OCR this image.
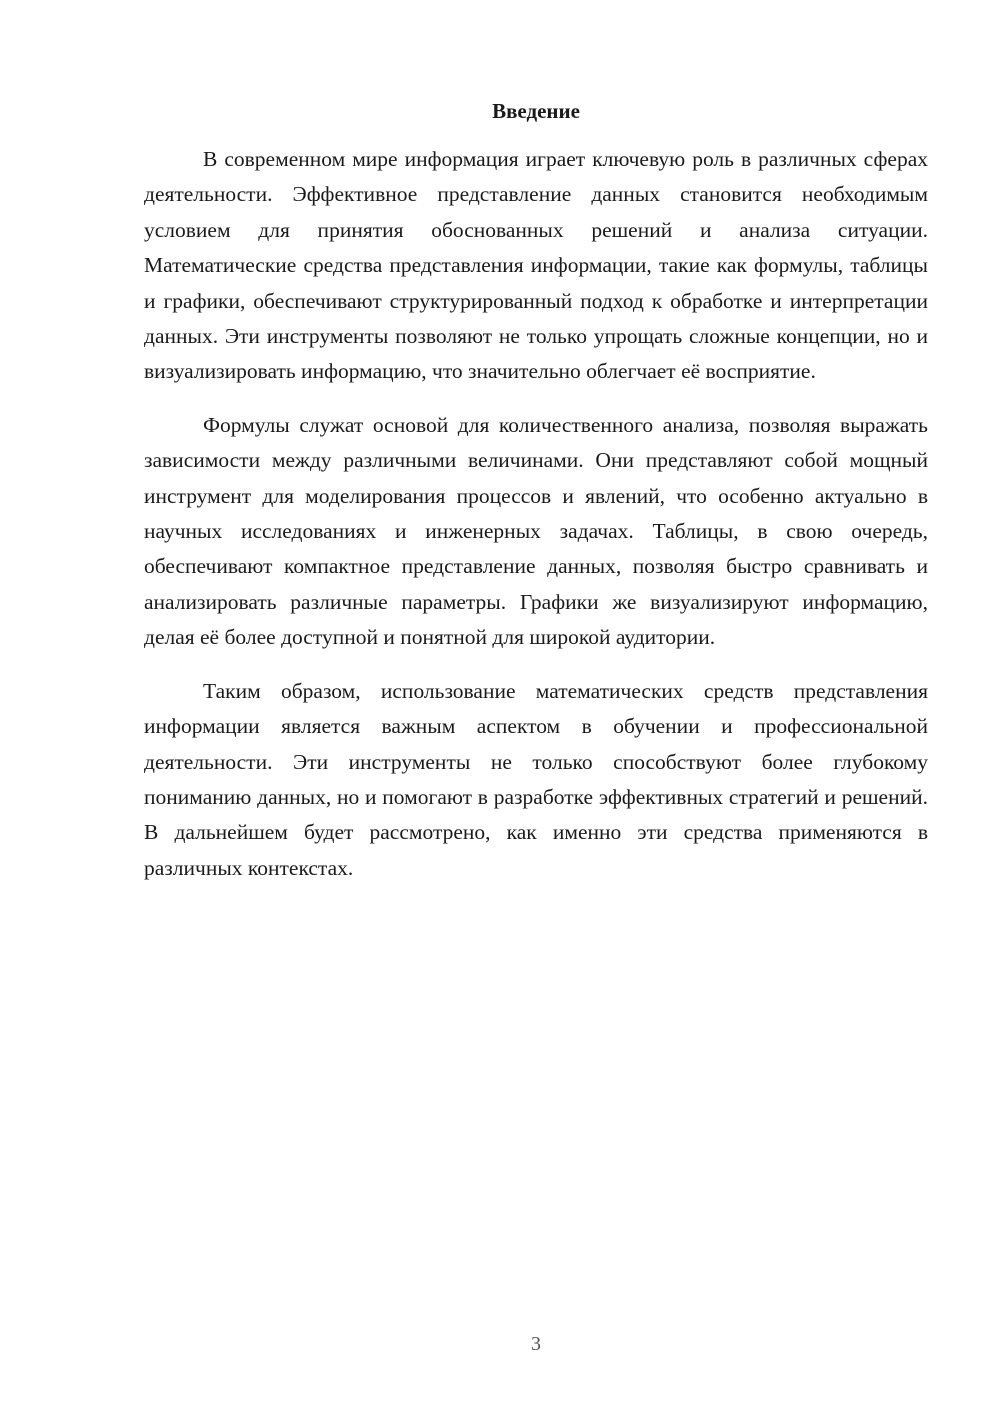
Введение

В современном мире информация играет ключевую роль в различных сферах деятельности. Эффективное представление данных становится необходимым условием для принятия обоснованных решений и анализа ситуации. Математические средства представления информации, такие как формулы, таблицы и графики, обеспечивают структурированный подход к обработке и интерпретации данных. Эти инструменты позволяют не только упрощать сложные концепции, но и визуализировать информацию, что значительно облегчает её восприятие.

Формулы служат основой для количественного анализа, позволяя выражать зависимости между различными величинами. Они представляют собой мощный инструмент для моделирования процессов и явлений, что особенно актуально в научных исследованиях и инженерных задачах. Таблицы, в свою очередь, обеспечивают компактное представление данных, позволяя быстро сравнивать и анализировать различные параметры. Графики же визуализируют информацию, делая её более доступной и понятной для широкой аудитории.

Таким образом, использование математических средств представления информации является важным аспектом в обучении и профессиональной деятельности. Эти инструменты не только способствуют более глубокому пониманию данных, но и помогают в разработке эффективных стратегий и решений. В дальнейшем будет рассмотрено, как именно эти средства применяются в различных контекстах.

3
